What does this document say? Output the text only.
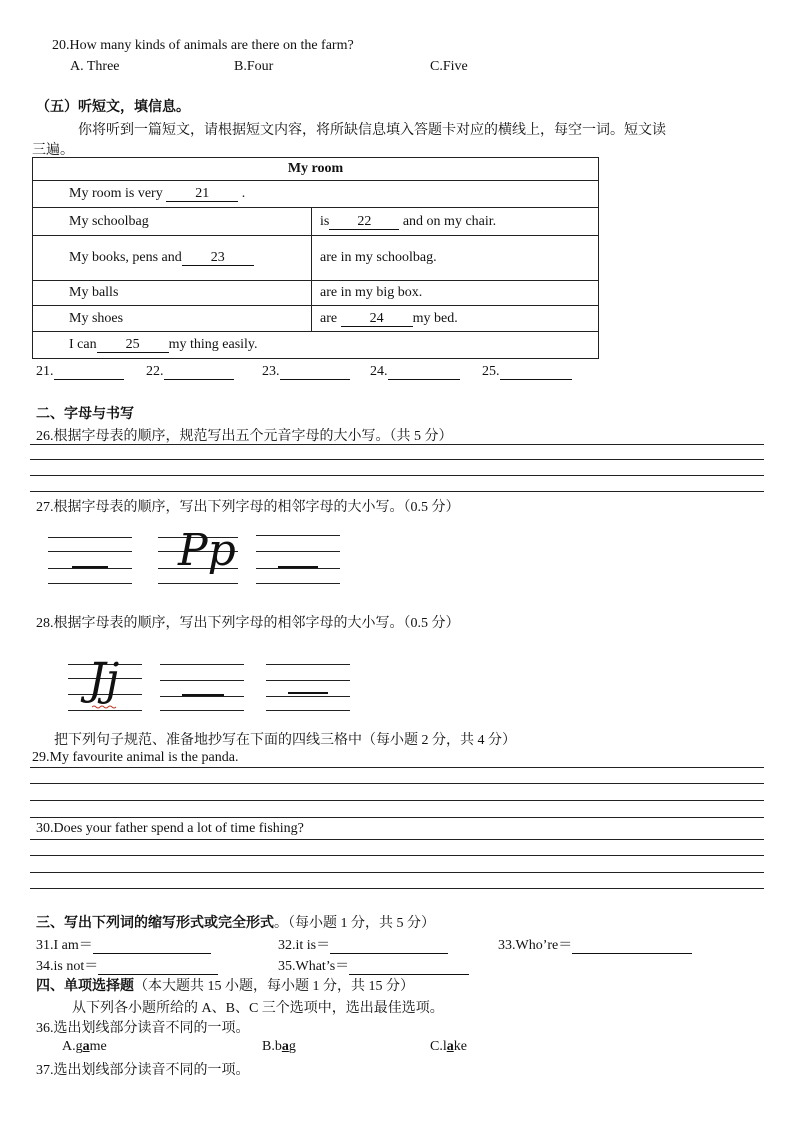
20.How many kinds of animals are there on the farm?
A. Three	B.Four	C.Five
（五）听短文，填信息。
你将听到一篇短文，请根据短文内容，将所缺信息填入答题卡对应的横线上，每空一词。短文读
三遍。
My room	
My room is very 21 .	
My schoolbag	is 22 and on my chair.
My books, pens and 23	are in my schoolbag.
My balls	are in my big box.
My shoes	are 24 my bed.
I can 25 my thing easily.	
21.	22.	23.	24.	25.
二、字母与书写
26.根据字母表的顺序，规范写出五个元音字母的大小写。（共 5 分）
27.根据字母表的顺序，写出下列字母的相邻字母的大小写。（0.5 分）
Pp
28.根据字母表的顺序，写出下列字母的相邻字母的大小写。（0.5 分）
Jj
把下列句子规范、准备地抄写在下面的四线三格中（每小题 2 分，共 4 分）
29.My favourite animal is the panda.
30.Does your father spend a lot of time fishing?
三、写出下列词的缩写形式或完全形式。（每小题 1 分，共 5 分）
31.I am＝	32.it is＝	33.Who’re＝
34.is not＝	35.What’s＝
四、单项选择题（本大题共 15 小题，每小题 1 分，共 15 分）
从下列各小题所给的 A、B、C 三个选项中，选出最佳选项。
36.选出划线部分读音不同的一项。
A.game	B.bag	C.lake
37.选出划线部分读音不同的一项。
